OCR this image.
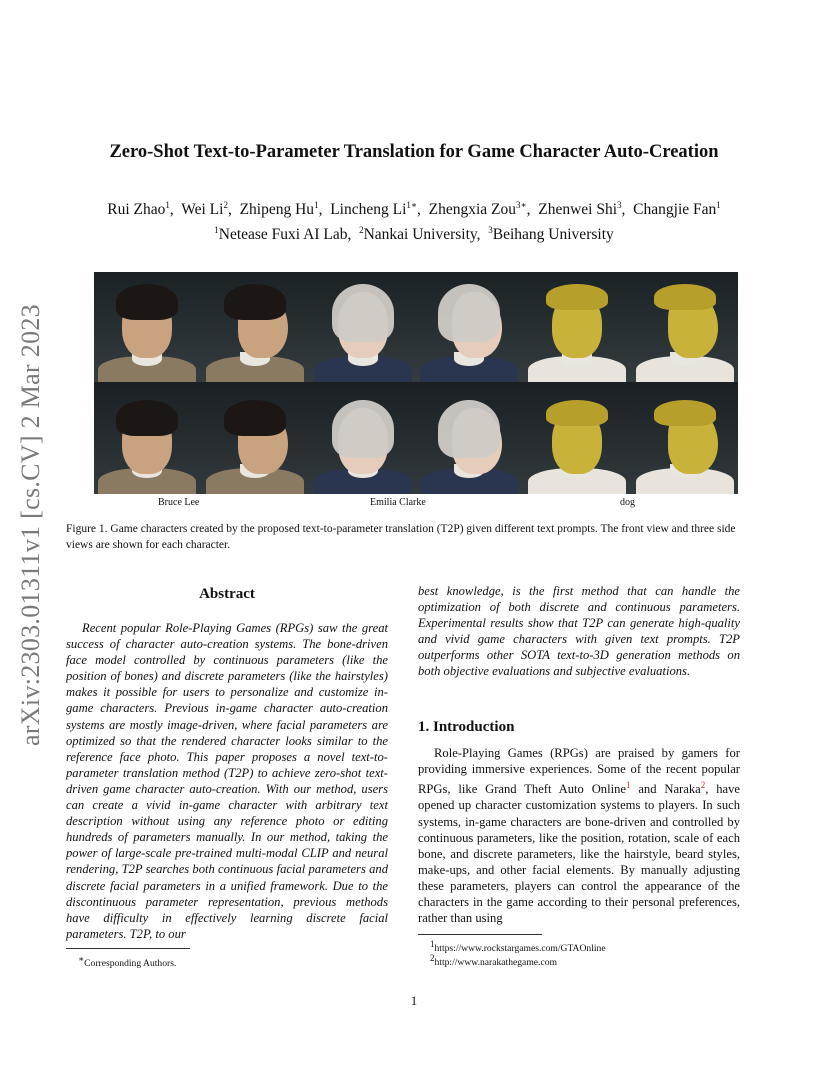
arXiv:2303.01311v1 [cs.CV] 2 Mar 2023
Zero-Shot Text-to-Parameter Translation for Game Character Auto-Creation
Rui Zhao$^1$,  Wei Li$^2$,  Zhipeng Hu$^1$,  Lincheng $Li^{1∗}$,  Zhengxia Zou$^{3∗}$,  Zhenwei Shi$^3$,  Changjie Fan$^1$
$^1$Netease Fuxi AI Lab,  $^2$Nankai University,  $^3$Beihang University
Bruce Lee	Emilia Clarke	dog
Figure 1. Game characters created by the proposed text-to-parameter translation (T2P) given different text prompts. The front view and three side views are shown for each character.
Abstract
Recent popular Role-Playing Games (RPGs) saw the great success of character auto-creation systems. The bone-driven face model controlled by continuous parameters (like the position of bones) and discrete parameters (like the hairstyles) makes it possible for users to personalize and customize in-game characters. Previous in-game character auto-creation systems are mostly image-driven, where facial parameters are optimized so that the rendered character looks similar to the reference face photo. This paper proposes a novel text-to-parameter translation method (T2P) to achieve zero-shot text-driven game character auto-creation. With our method, users can create a vivid in-game character with arbitrary text description without using any reference photo or editing hundreds of parameters manually. In our method, taking the power of large-scale pre-trained multi-modal CLIP and neural rendering, T2P searches both continuous facial parameters and discrete facial parameters in a unified framework. Due to the discontinuous parameter representation, previous methods have difficulty in effectively learning discrete facial parameters. T2P, to our
∗Corresponding Authors.
best knowledge, is the first method that can handle the optimization of both discrete and continuous parameters. Experimental results show that T2P can generate high-quality and vivid game characters with given text prompts. T2P outperforms other SOTA text-to-3D generation methods on both objective evaluations and subjective evaluations.
1. Introduction
Role-Playing Games (RPGs) are praised by gamers for providing immersive experiences. Some of the recent popular RPGs, like Grand Theft Auto Online$^1$ and Naraka$^2$, have opened up character customization systems to players. In such systems, in-game characters are bone-driven and controlled by continuous parameters, like the position, rotation, scale of each bone, and discrete parameters, like the hairstyle, beard styles, make-ups, and other facial elements. By manually adjusting these parameters, players can control the appearance of the characters in the game according to their personal preferences, rather than using
$^1$https://www.rockstargames.com/GTAOnline
$^2$http://www.narakathegame.com
1
